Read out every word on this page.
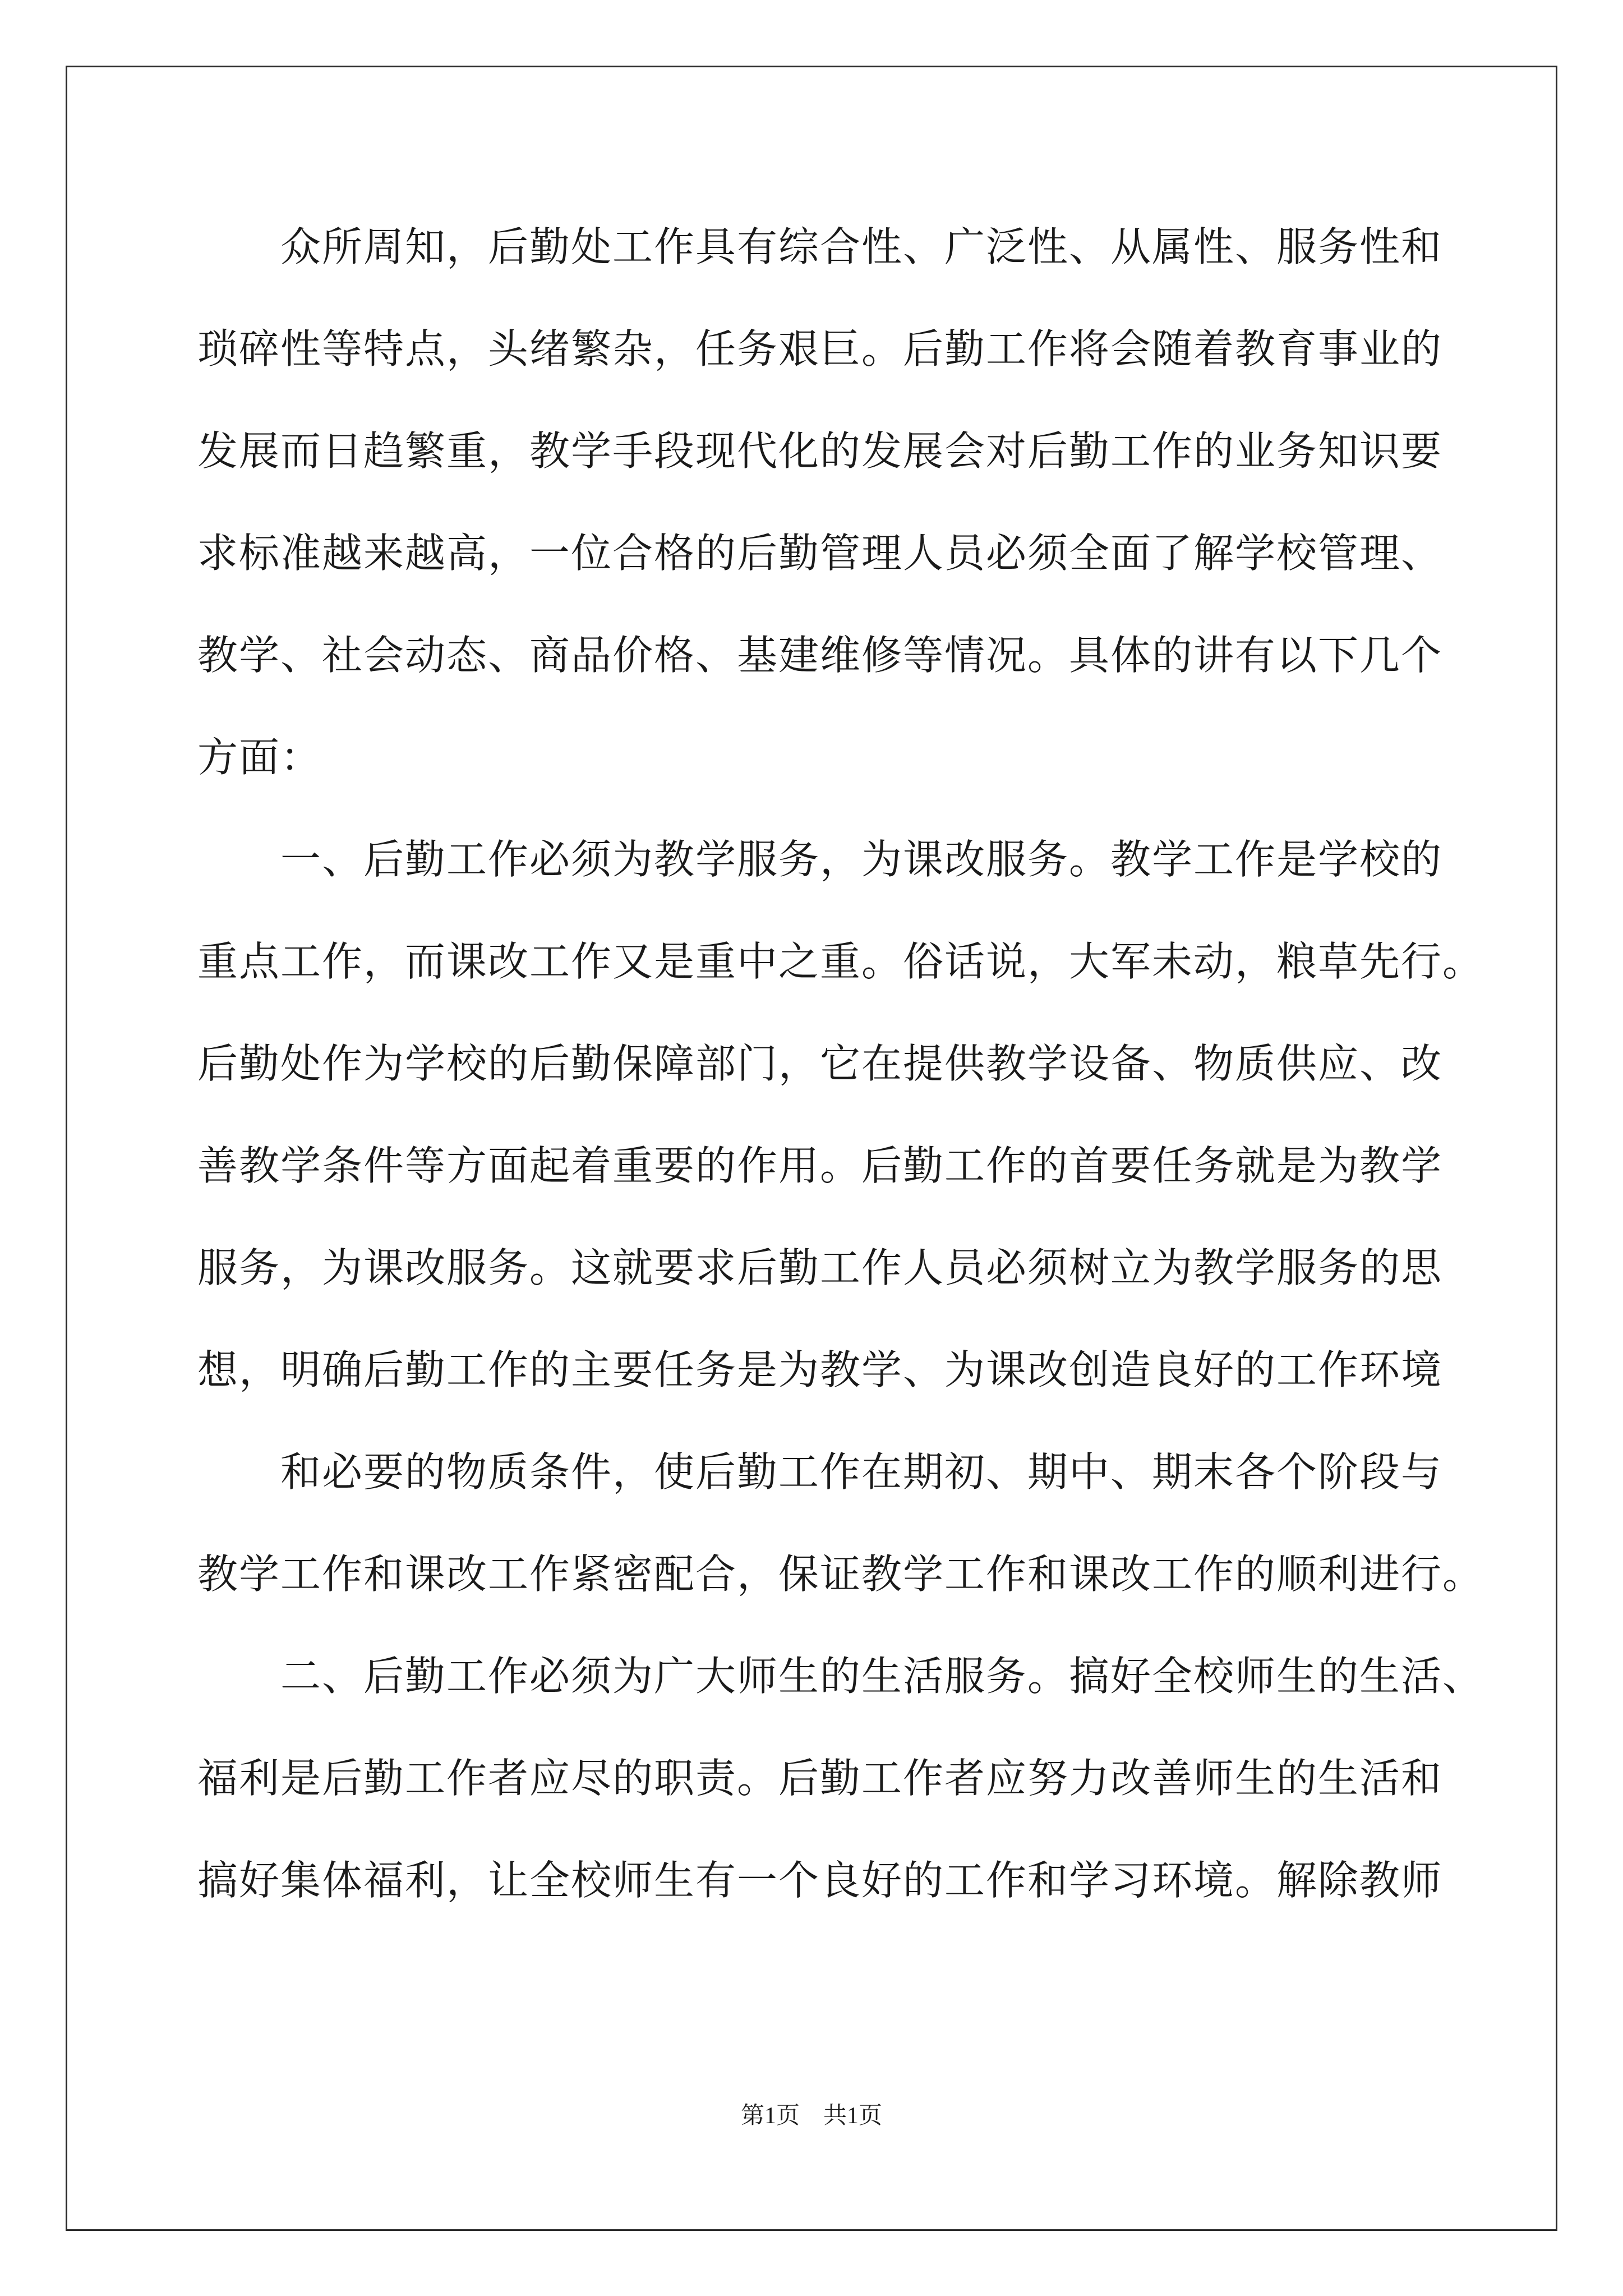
众所周知，后勤处工作具有综合性、广泛性、从属性、服务性和
琐碎性等特点，头绪繁杂，任务艰巨。后勤工作将会随着教育事业的
发展而日趋繁重，教学手段现代化的发展会对后勤工作的业务知识要
求标准越来越高，一位合格的后勤管理人员必须全面了解学校管理、
教学、社会动态、商品价格、基建维修等情况。具体的讲有以下几个
方面：
一、后勤工作必须为教学服务，为课改服务。教学工作是学校的
重点工作，而课改工作又是重中之重。俗话说，大军未动，粮草先行。
后勤处作为学校的后勤保障部门，它在提供教学设备、物质供应、改
善教学条件等方面起着重要的作用。后勤工作的首要任务就是为教学
服务，为课改服务。这就要求后勤工作人员必须树立为教学服务的思
想，明确后勤工作的主要任务是为教学、为课改创造良好的工作环境
和必要的物质条件，使后勤工作在期初、期中、期末各个阶段与
教学工作和课改工作紧密配合，保证教学工作和课改工作的顺利进行。
二、后勤工作必须为广大师生的生活服务。搞好全校师生的生活、
福利是后勤工作者应尽的职责。后勤工作者应努力改善师生的生活和
搞好集体福利，让全校师生有一个良好的工作和学习环境。解除教师
第1页　共1页
